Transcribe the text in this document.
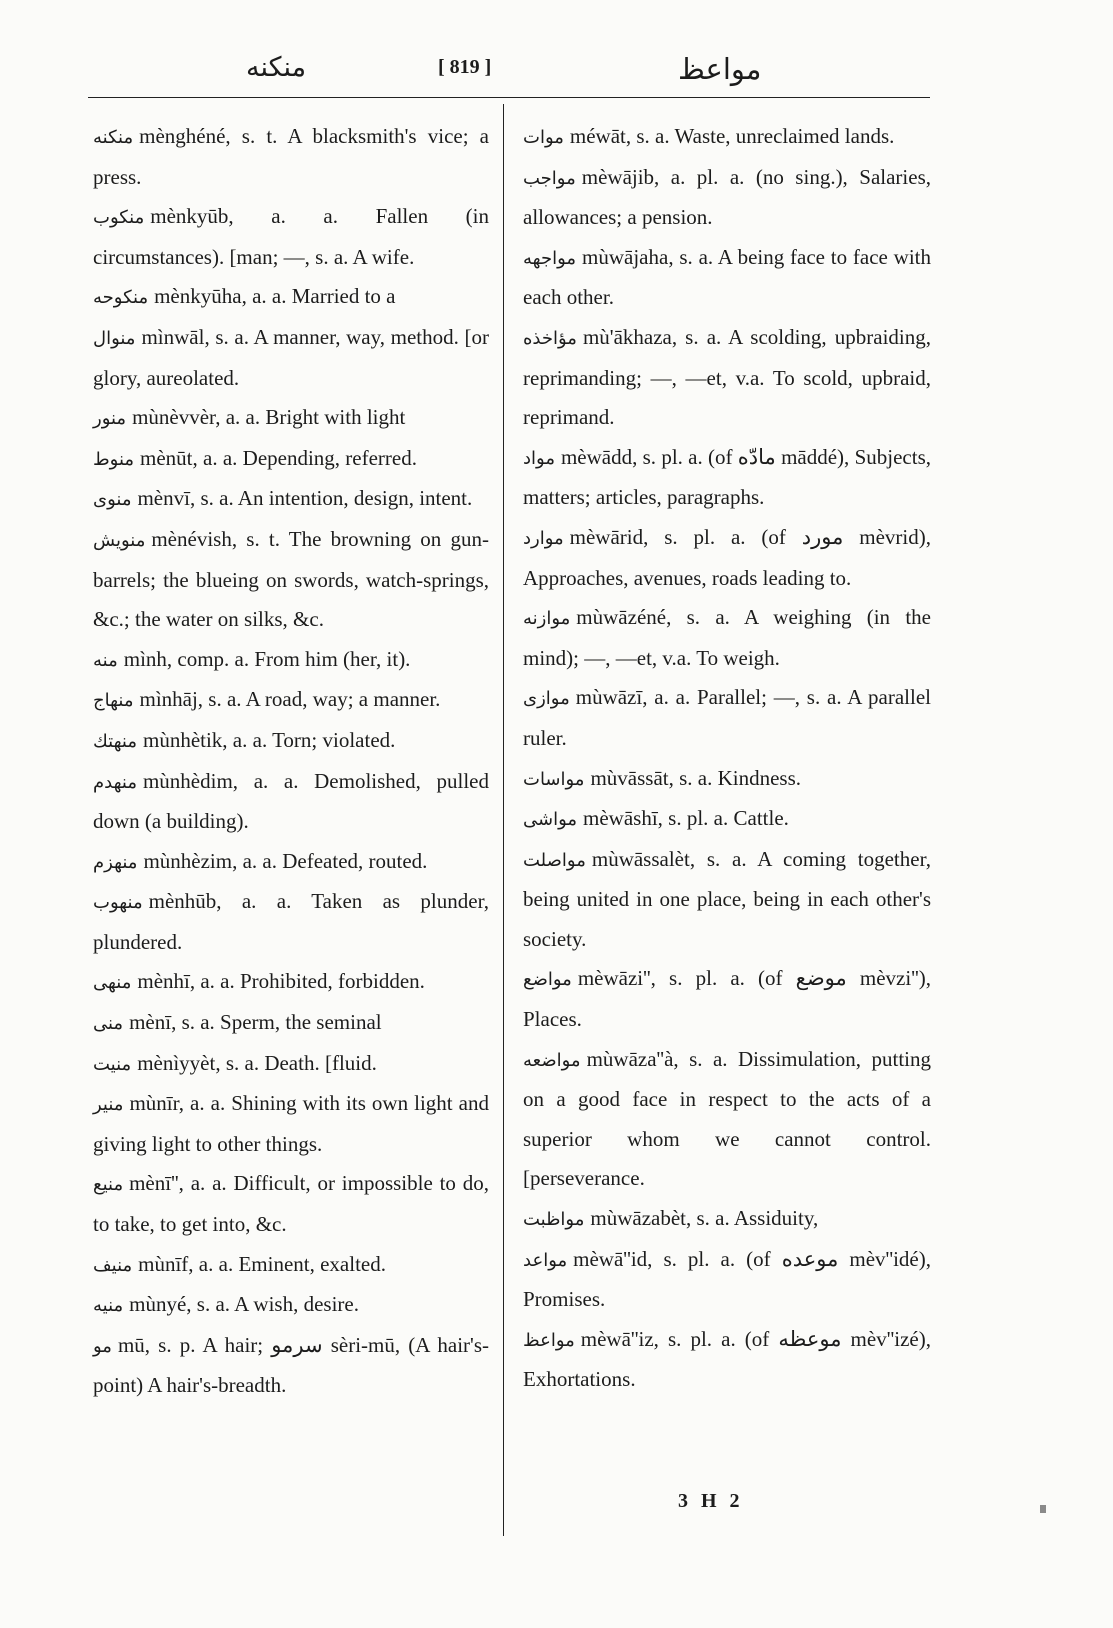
منكنه	[ 819 ]	مواعظ

منكنه mènghéné, s. t. A blacksmith's vice; a press.

منكوب mènkyūb, a. a. Fallen (in circumstances). [man; —, s. a. A wife.

منكوحه mènkyūha, a. a. Married to a

منوال mìnwāl, s. a. A manner, way, method. [or glory, aureolated.

منور mùnèvvèr, a. a. Bright with light

منوط mènūt, a. a. Depending, referred.

منوى mènvī, s. a. An intention, design, intent.

منويش mènévish, s. t. The browning on gun-barrels; the blueing on swords, watch-springs, &c.; the water on silks, &c.

منه mình, comp. a. From him (her, it).

منهاج mìnhāj, s. a. A road, way; a manner.

منهتك mùnhètik, a. a. Torn; violated.

منهدم mùnhèdim, a. a. Demolished, pulled down (a building).

منهزم mùnhèzim, a. a. Defeated, routed.

منهوب mènhūb, a. a. Taken as plunder, plundered.

منهى mènhī, a. a. Prohibited, forbidden.

منى mènī, s. a. Sperm, the seminal

منيت mènìyyèt, s. a. Death. [fluid.

منير mùnīr, a. a. Shining with its own light and giving light to other things.

منيع mènī'', a. a. Difficult, or impossible to do, to take, to get into, &c.

منيف mùnīf, a. a. Eminent, exalted.

منيه mùnyé, s. a. A wish, desire.

مو mū, s. p. A hair; سرمو sèri-mū, (A hair's-point) A hair's-breadth.

موات méwāt, s. a. Waste, unreclaimed lands.

مواجب mèwājib, a. pl. a. (no sing.), Salaries, allowances; a pension.

مواجهه mùwājaha, s. a. A being face to face with each other.

مؤاخذه mù'ākhaza, s. a. A scolding, upbraiding, reprimanding; ―, —et, v.a. To scold, upbraid, reprimand.

مواد mèwādd, s. pl. a. (of مادّه māddé), Subjects, matters; articles, paragraphs.

موارد mèwārid, s. pl. a. (of مورد mèvrid), Approaches, avenues, roads leading to.

موازنه mùwāzéné, s. a. A weighing (in the mind); ―, —et, v.a. To weigh.

موازى mùwāzī, a. a. Parallel; —, s. a. A parallel ruler.

مواسات mùvāssāt, s. a. Kindness.

مواشى mèwāshī, s. pl. a. Cattle.

مواصلت mùwāssalèt, s. a. A coming together, being united in one place, being in each other's society.

مواضع mèwāzi'', s. pl. a. (of موضع mèvzi''), Places.

مواضعه mùwāza''à, s. a. Dissimulation, putting on a good face in respect to the acts of a superior whom we cannot control. [perseverance.

مواظبت mùwāzabèt, s. a. Assiduity,

مواعد mèwā''id, s. pl. a. (of موعده mèv''idé), Promises.

مواعظ mèwā''iz, s. pl. a. (of موعظه mèv''izé), Exhortations.

3 H 2
